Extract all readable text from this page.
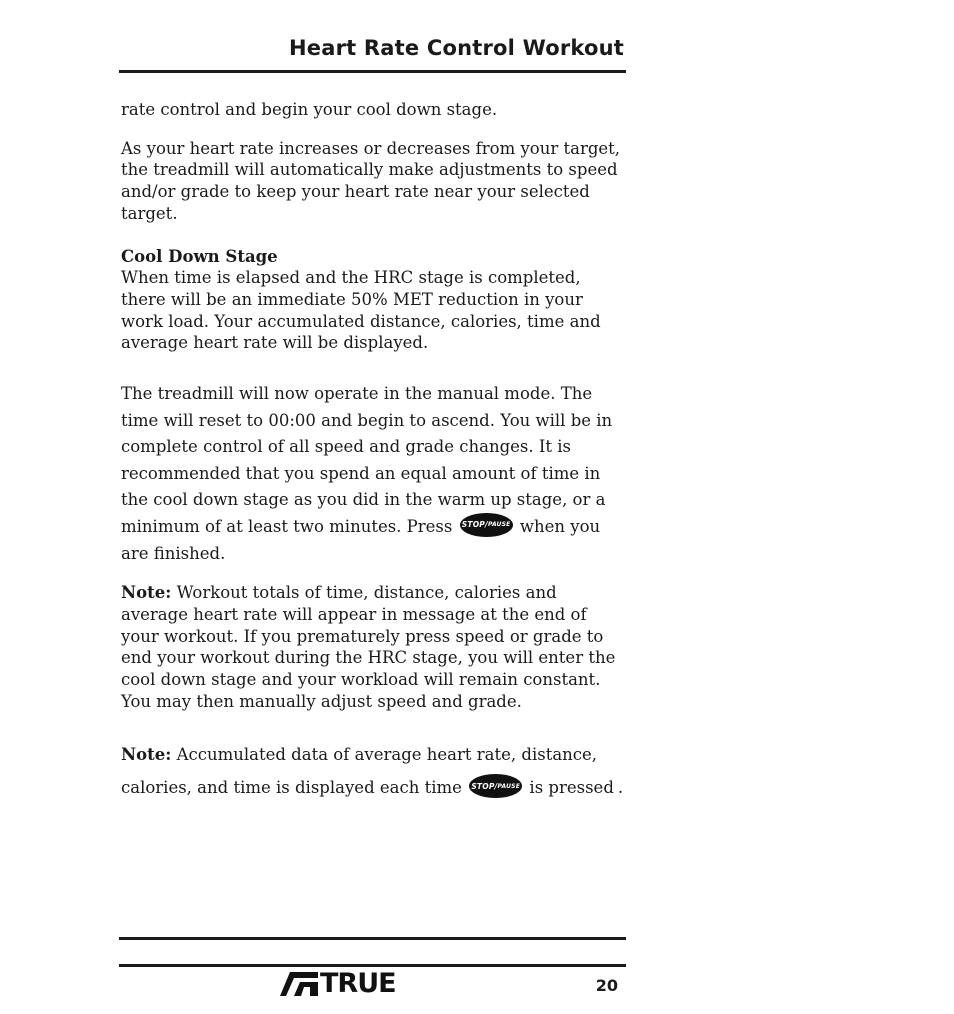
Heart Rate Control Workout

rate control and begin your cool down stage.

As your heart rate increases or decreases from your target, the treadmill will automatically make adjustments to speed and/or grade to keep your heart rate near your selected target.

Cool Down Stage

When time is elapsed and the HRC stage is completed, there will be an immediate 50% MET reduction in your work load. Your accumulated distance, calories, time and average heart rate will be displayed.

The treadmill will now operate in the manual mode. The time will reset to 00:00 and begin to ascend. You will be in complete control of all speed and grade changes. It is recommended that you spend an equal amount of time in the cool down stage as you did in the warm up stage, or a minimum of at least two minutes. Press STOP / PAUSE when you are finished.

Note: Workout totals of time, distance, calories and average heart rate will appear in message at the end of your workout. If you prematurely press speed or grade to end your workout during the HRC stage, you will enter the cool down stage and your workload will remain constant. You may then manually adjust speed and grade.

Note: Accumulated data of average heart rate, distance, calories, and time is displayed each time STOP / PAUSE is pressed .

TRUE	20
